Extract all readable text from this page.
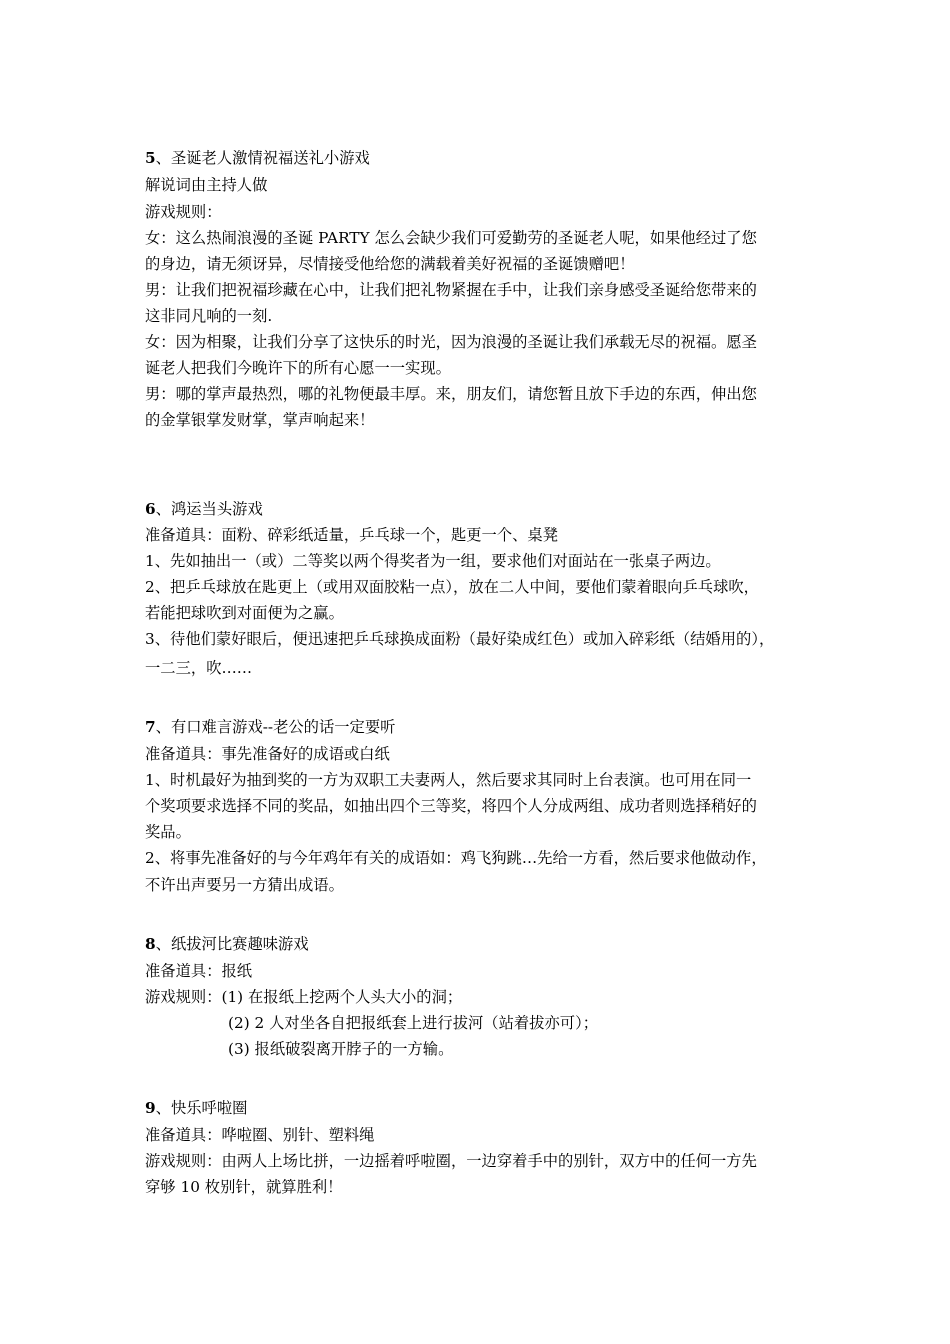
5、圣诞老人激情祝福送礼小游戏
解说词由主持人做
游戏规则：
女：这么热闹浪漫的圣诞 PARTY 怎么会缺少我们可爱勤劳的圣诞老人呢，如果他经过了您
的身边，请无须讶异，尽情接受他给您的满载着美好祝福的圣诞馈赠吧！
男：让我们把祝福珍藏在心中，让我们把礼物紧握在手中，让我们亲身感受圣诞给您带来的
这非同凡响的一刻.
女：因为相聚，让我们分享了这快乐的时光，因为浪漫的圣诞让我们承载无尽的祝福。愿圣
诞老人把我们今晚许下的所有心愿一一实现。
男：哪的掌声最热烈，哪的礼物便最丰厚。来，朋友们，请您暂且放下手边的东西，伸出您
的金掌银掌发财掌，掌声响起来！
6、鸿运当头游戏
准备道具：面粉、碎彩纸适量，乒乓球一个，匙更一个、桌凳
1、先如抽出一（或）二等奖以两个得奖者为一组，要求他们对面站在一张桌子两边。
2、把乒乓球放在匙更上（或用双面胶粘一点），放在二人中间，要他们蒙着眼向乒乓球吹，
若能把球吹到对面便为之赢。
3、待他们蒙好眼后，便迅速把乒乓球换成面粉（最好染成红色）或加入碎彩纸（结婚用的），
一二三，吹……
7、有口难言游戏--老公的话一定要听
准备道具：事先准备好的成语或白纸
1、时机最好为抽到奖的一方为双职工夫妻两人，然后要求其同时上台表演。也可用在同一
个奖项要求选择不同的奖品，如抽出四个三等奖，将四个人分成两组、成功者则选择稍好的
奖品。
2、将事先准备好的与今年鸡年有关的成语如：鸡飞狗跳…先给一方看，然后要求他做动作，
不许出声要另一方猜出成语。
8、纸拔河比赛趣味游戏
准备道具：报纸
游戏规则：(1) 在报纸上挖两个人头大小的洞；
(2) 2 人对坐各自把报纸套上进行拔河（站着拔亦可）；
(3) 报纸破裂离开脖子的一方输。
9、快乐呼啦圈
准备道具：哗啦圈、别针、塑料绳
游戏规则：由两人上场比拼，一边摇着呼啦圈，一边穿着手中的别针，双方中的任何一方先
穿够 10 枚别针，就算胜利！
